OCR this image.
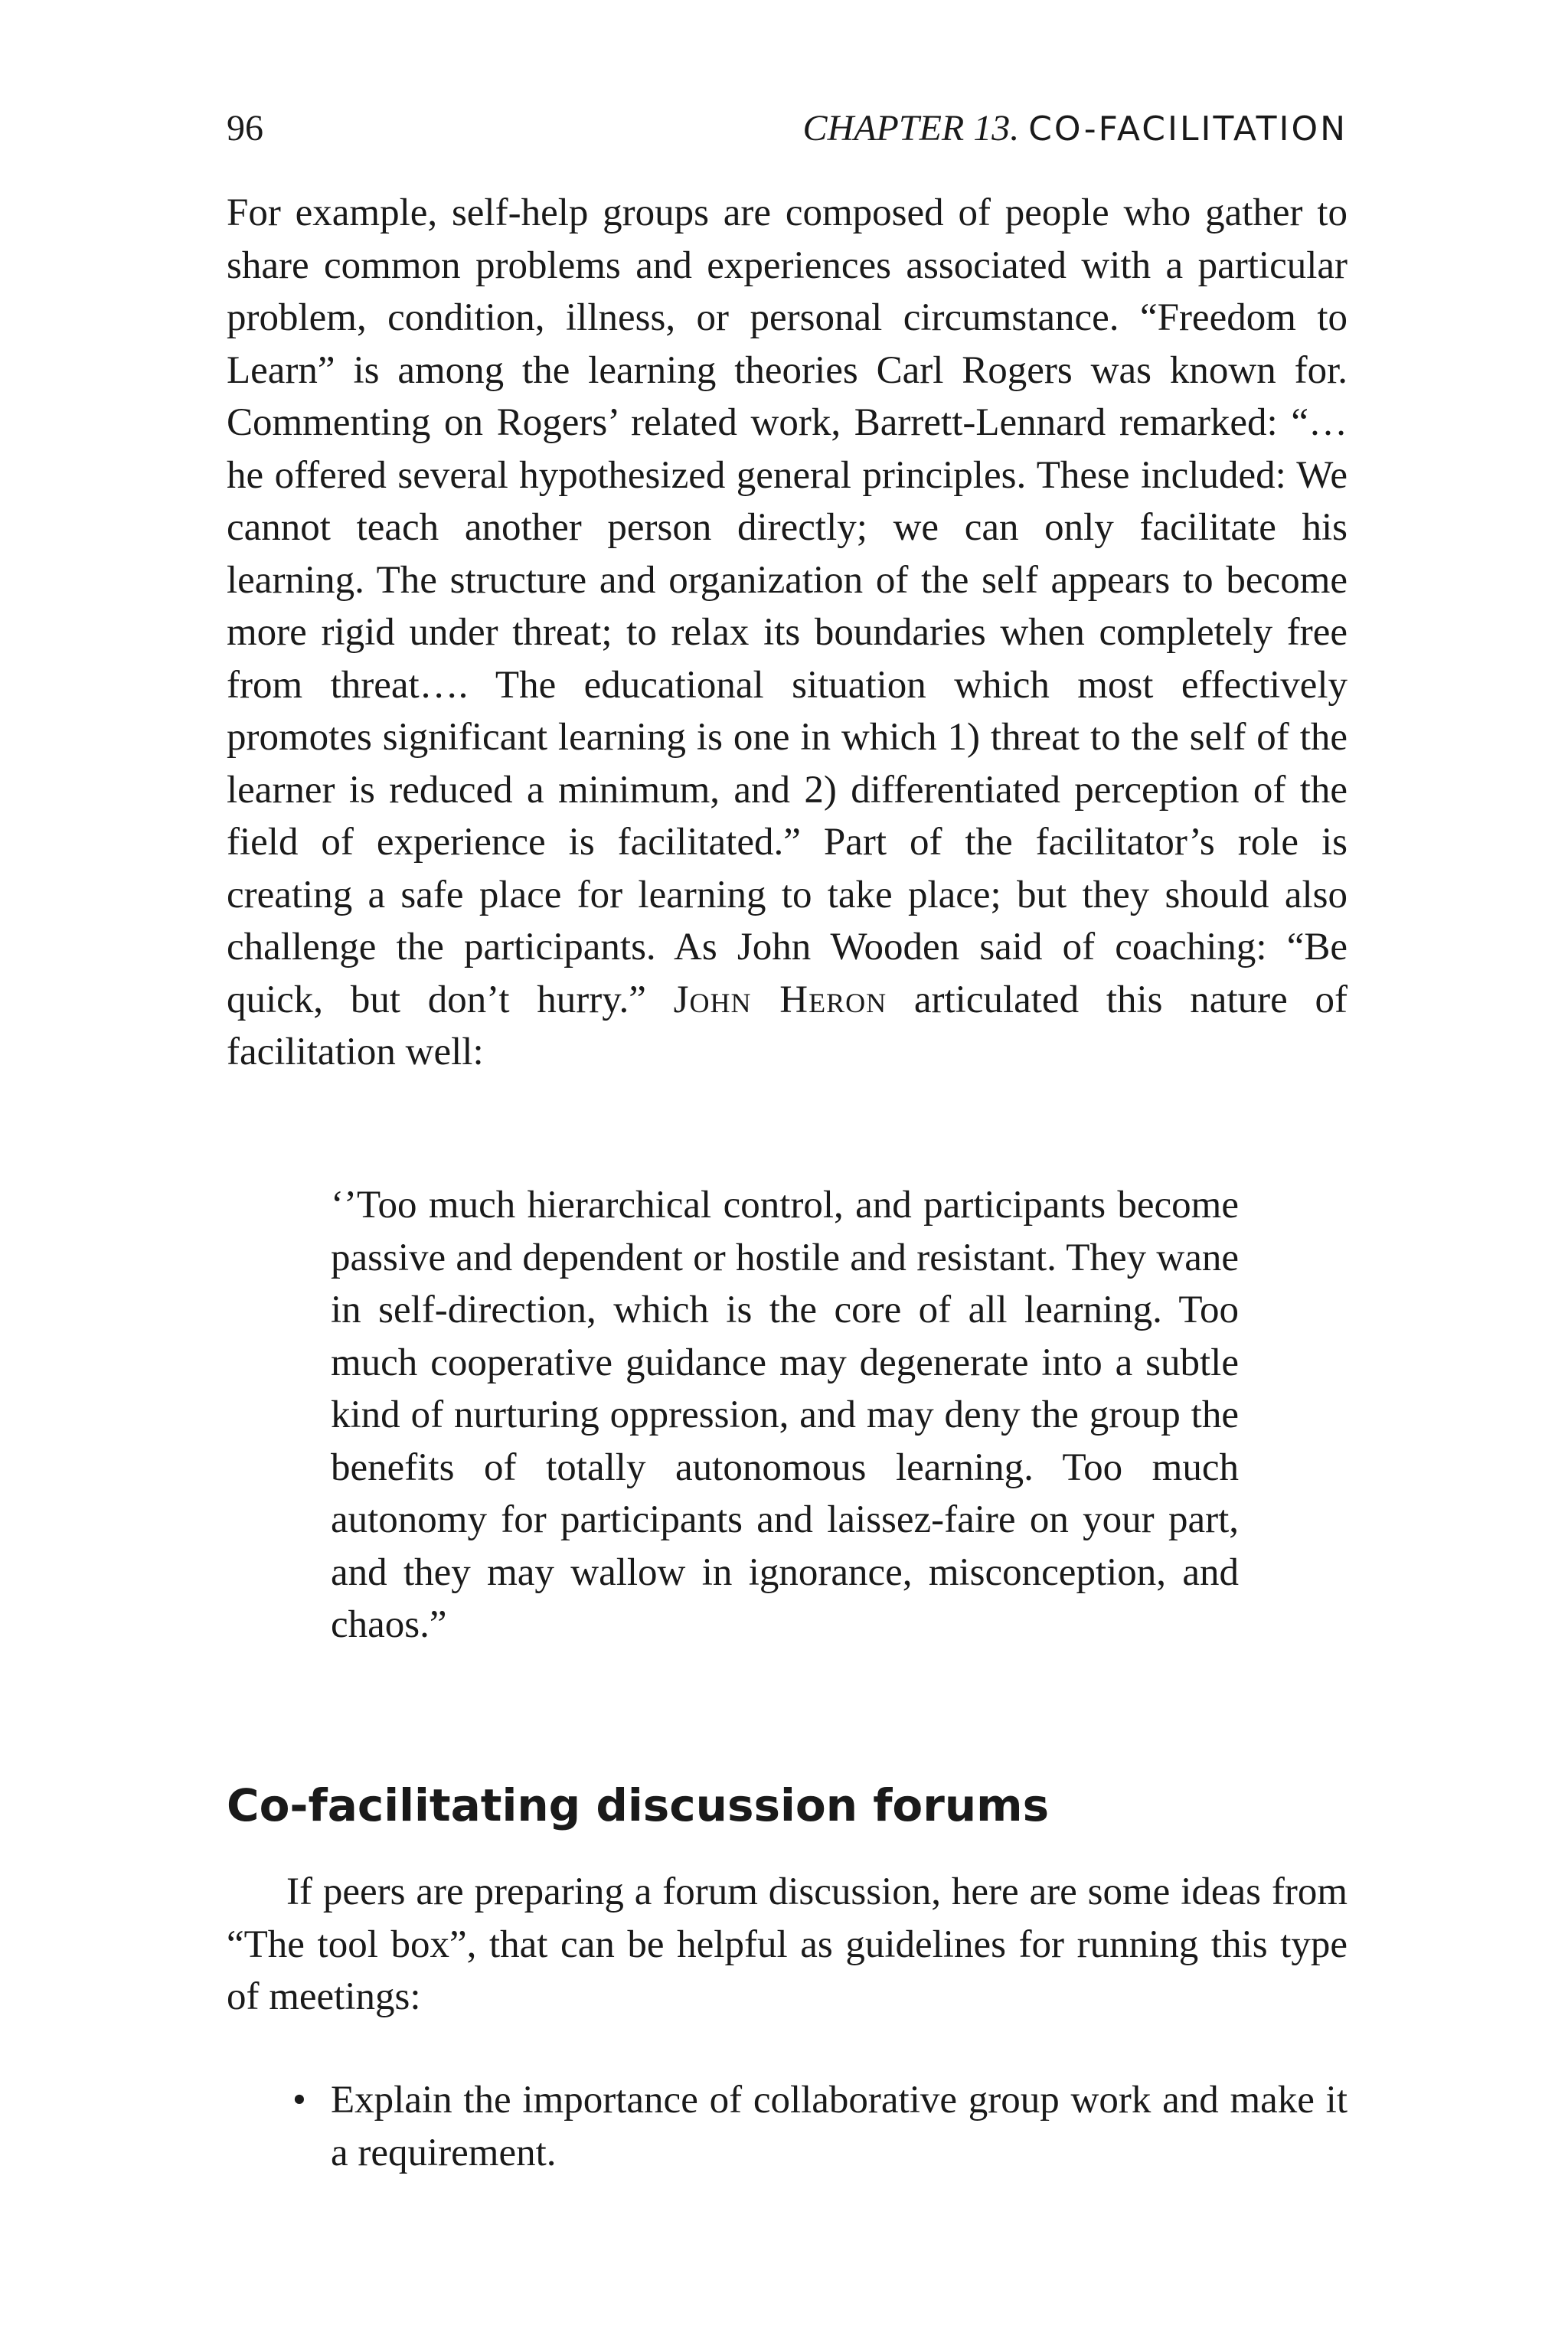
96	CHAPTER 13. CO-FACILITATION

For example, self-help groups are composed of people who gather to share common problems and experiences associated with a particular problem, condition, illness, or personal circumstance. “Freedom to Learn” is among the learning theories Carl Rogers was known for. Commenting on Rogers’ related work, Barrett-Lennard remarked: “…he offered several hypothesized general principles. These included: We cannot teach another person directly; we can only facilitate his learning. The structure and organization of the self appears to become more rigid under threat; to relax its boundaries when completely free from threat…. The educational situation which most effectively promotes significant learning is one in which 1) threat to the self of the learner is reduced a minimum, and 2) differentiated perception of the field of experience is facilitated.” Part of the facilitator’s role is creating a safe place for learning to take place; but they should also challenge the participants. As John Wooden said of coaching: “Be quick, but don’t hurry.” John Heron articulated this nature of facilitation well:

‘’Too much hierarchical control, and participants become passive and dependent or hostile and resistant. They wane in self-direction, which is the core of all learning. Too much cooperative guidance may degenerate into a subtle kind of nurturing oppression, and may deny the group the benefits of totally autonomous learning. Too much autonomy for participants and laissez-faire on your part, and they may wallow in ignorance, misconception, and chaos.”

Co-facilitating discussion forums

If peers are preparing a forum discussion, here are some ideas from “The tool box”, that can be helpful as guidelines for running this type of meetings:

• Explain the importance of collaborative group work and make it a requirement.
